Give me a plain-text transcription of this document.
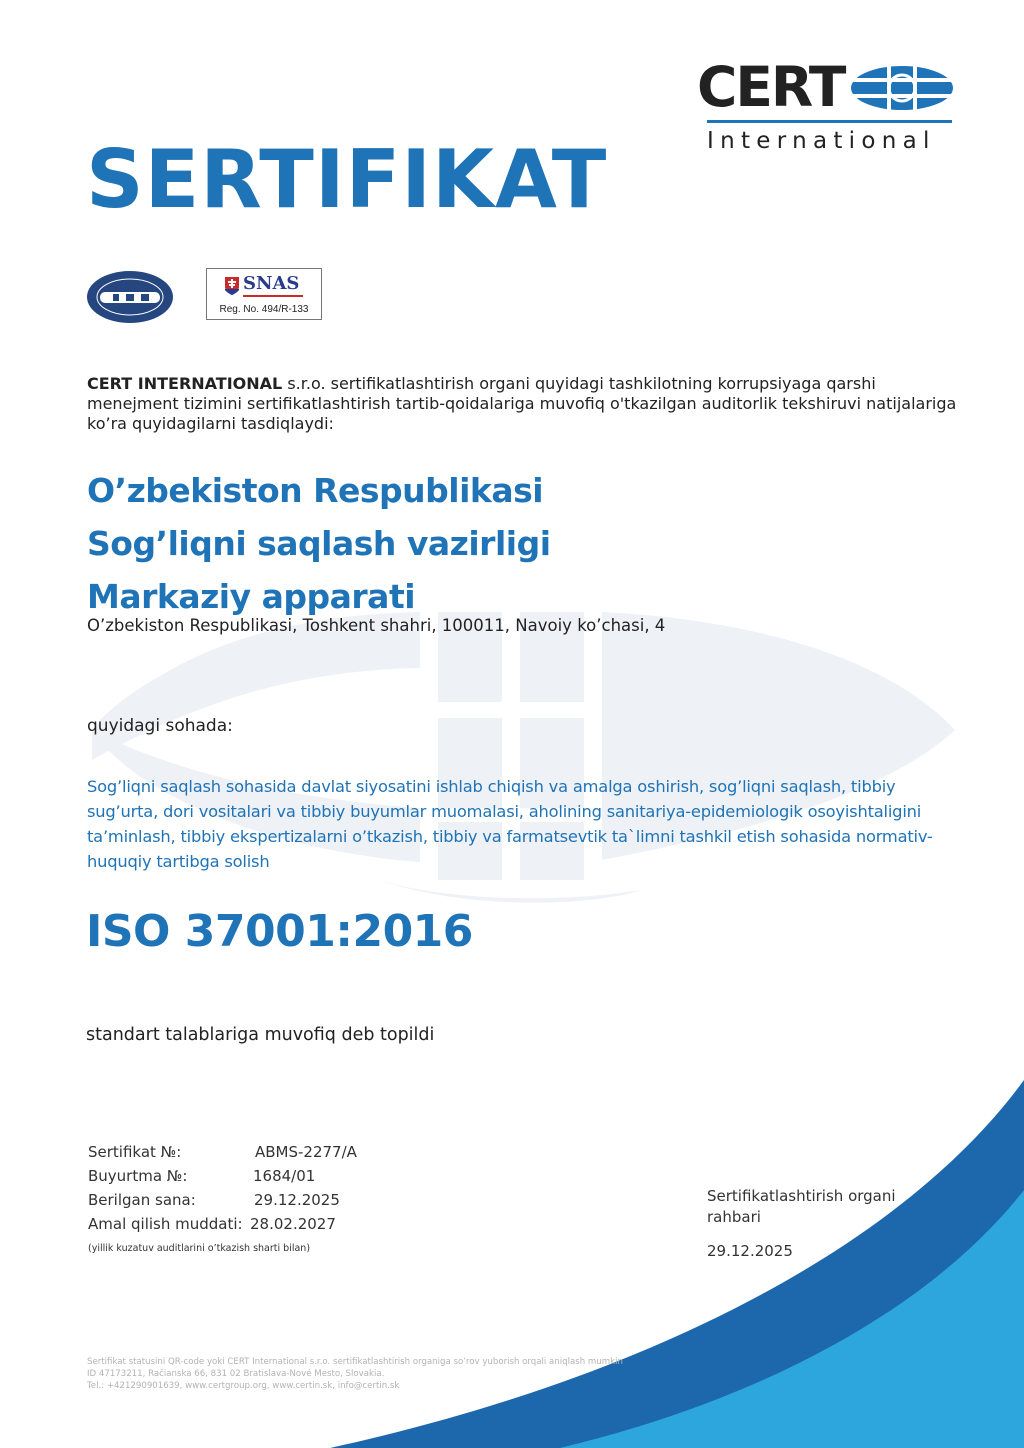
CERT
International
SERTIFIKAT
SNAS
Reg. No. 494/R-133

CERT INTERNATIONAL s.r.o. sertifikatlashtirish organi quyidagi tashkilotning korrupsiyaga qarshi menejment tizimini sertifikatlashtirish tartib-qoidalariga muvofiq o'tkazilgan auditorlik tekshiruvi natijalariga ko’ra quyidagilarni tasdiqlaydi:

O’zbekiston Respublikasi
Sog’liqni saqlash vazirligi
Markaziy apparati
O’zbekiston Respublikasi, Toshkent shahri, 100011, Navoiy ko’chasi, 4
quyidagi sohada:

Sog’liqni saqlash sohasida davlat siyosatini ishlab chiqish va amalga oshirish, sog’liqni saqlash, tibbiy sug’urta, dori vositalari va tibbiy buyumlar muomalasi, aholining sanitariya-epidemiologik osoyishtaligini ta’minlash, tibbiy ekspertizalarni o’tkazish, tibbiy va farmatsevtik ta`limni tashkil etish sohasida normativ-huquqiy tartibga solish

ISO 37001:2016
standart talablariga muvofiq deb topildi
Sertifikat №:	ABMS-2277/A
Buyurtma №:	1684/01
Berilgan sana:	29.12.2025
Amal qilish muddati: 28.02.2027
(yillik kuzatuv auditlarini o’tkazish sharti bilan)
Sertifikatlashtirish organi rahbari
29.12.2025
Sertifikat statusini QR-code yoki CERT International s.r.o. sertifikatlashtirish organiga so’rov yuborish orqali aniqlash mumkin
ID 47173211, Račianska 66, 831 02 Bratislava-Nové Mesto, Slovakia.
Tel.: +421290901639, www.certgroup.org, www.certin.sk, info@certin.sk
